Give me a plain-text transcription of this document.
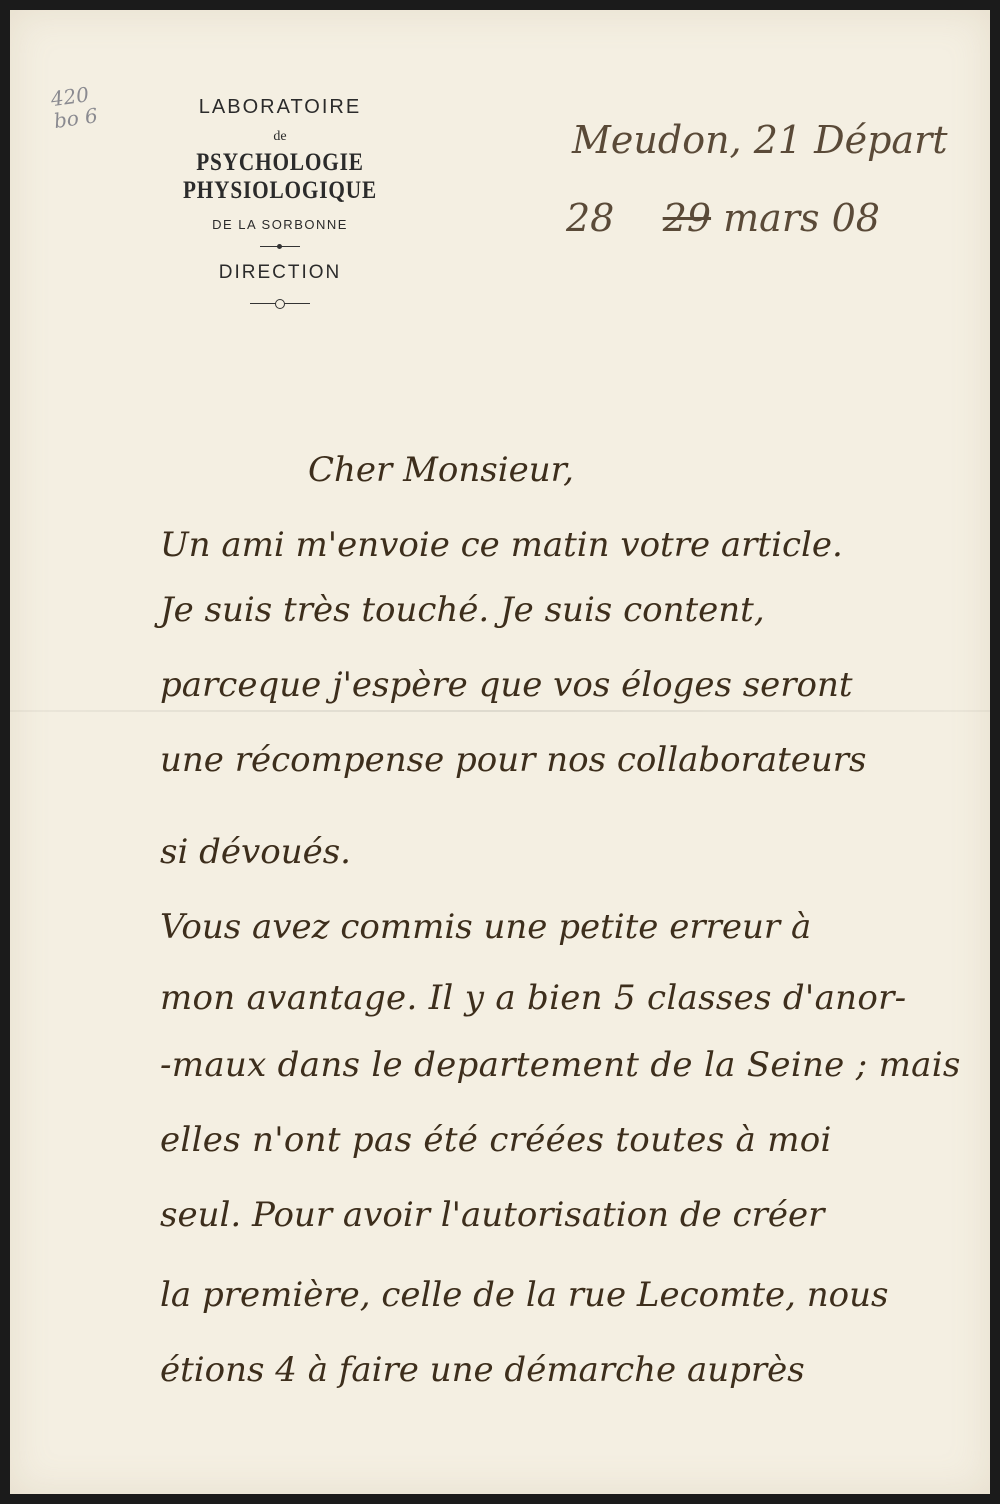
420
bo 6	LABORATOIRE
de
PSYCHOLOGIE PHYSIOLOGIQUE
DE LA SORBONNE
DIRECTION
Meudon, 21 Départ
28 29 mars 08
Cher Monsieur,
Un ami m'envoie ce matin votre article.
Je suis très touché. Je suis content,
parceque j'espère que vos éloges seront
une récompense pour nos collaborateurs
si dévoués.
Vous avez commis une petite erreur à
mon avantage. Il y a bien 5 classes d'anor-
-maux dans le departement de la Seine ; mais
elles n'ont pas été créées toutes à moi
seul. Pour avoir l'autorisation de créer
la première, celle de la rue Lecomte, nous
étions 4 à faire une démarche auprès
